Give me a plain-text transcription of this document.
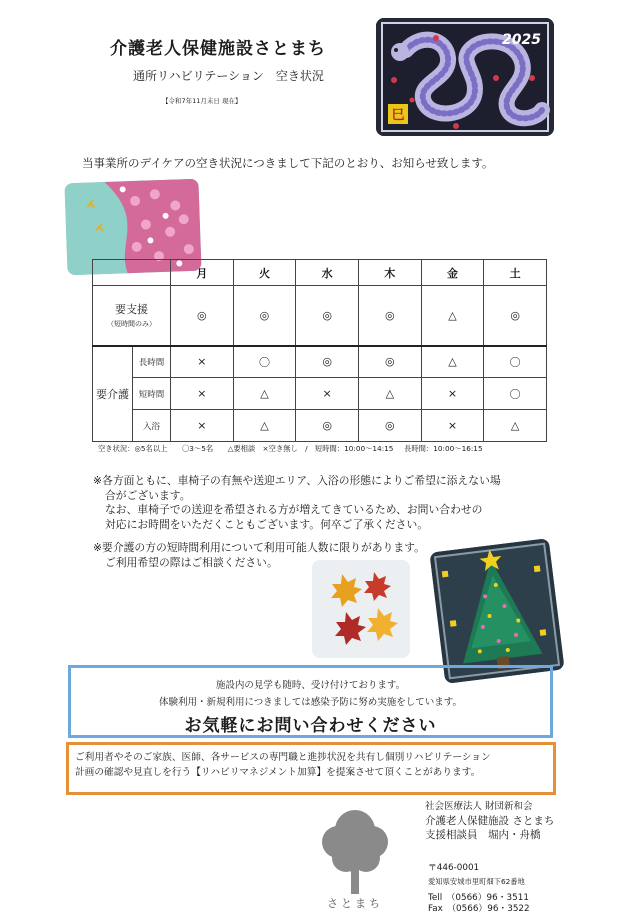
介護老人保健施設さとまち
通所リハビリテーション　空き状況
【令和7年11月末日 現在】
巳
2025
当事業所のデイケアの空き状況につきまして下記のとおり、お知らせ致します。
		月	火	水	木	金	土
要支援
（短時間のみ）		◎	◎	◎	◎	△	◎
要介護	長時間	×	〇	◎	◎	△	〇
	短時間	×	△	×	△	×	〇
	入浴	×	△	◎	◎	×	△
空き状況：◎5名以上　　〇3～5名　　△要相談　×空き無し　/　短時間：10:00～14:15　 長時間：10:00～16:15
※各方面ともに、車椅子の有無や送迎エリア、入浴の形態によりご希望に添えない場
合がございます。
なお、車椅子での送迎を希望される方が増えてきているため、お問い合わせの
対応にお時間をいただくこともございます。何卒ご了承ください。
※要介護の方の短時間利用について利用可能人数に限りがあります。
ご利用希望の際はご相談ください。
施設内の見学も随時、受け付けております。
体験利用・新規利用につきましては感染予防に努め実施をしています。
お気軽にお問い合わせください
ご利用者やそのご家族、医師、各サービスの専門職と進捗状況を共有し個別リハビリテーション
計画の確認や見直しを行う【リハビリマネジメント加算】を提案させて頂くことがあります。
さとまち
社会医療法人 財団新和会
介護老人保健施設 さとまち
支援相談員　堀内・舟橋
〒446-0001
愛知県安城市里町畑下62番地
Tell　（0566）96・3511
Fax　（0566）96・3522
